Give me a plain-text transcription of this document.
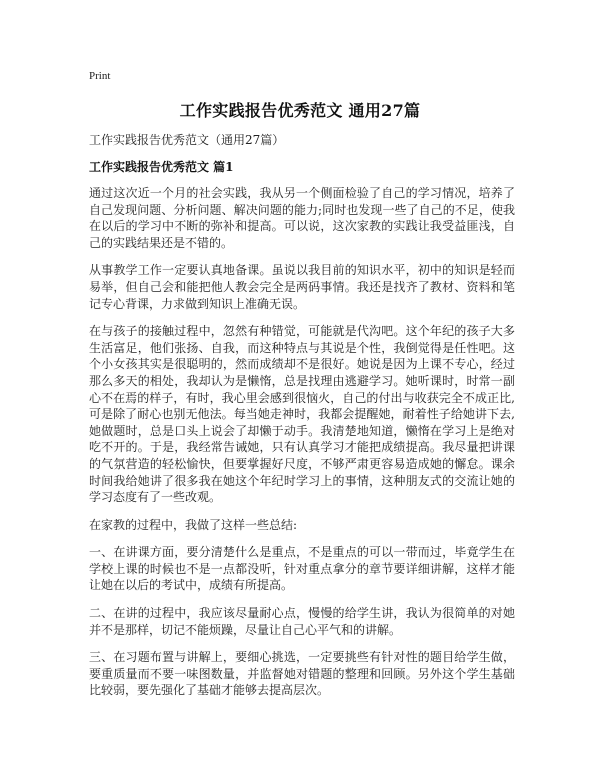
Print
工作实践报告优秀范文 通用27篇
工作实践报告优秀范文（通用27篇）
工作实践报告优秀范文 篇1

通过这次近一个月的社会实践，我从另一个侧面检验了自己的学习情况，培养了自己发现问题、分析问题、解决问题的能力;同时也发现一些了自己的不足，使我在以后的学习中不断的弥补和提高。可以说，这次家教的实践让我受益匪浅，自己的实践结果还是不错的。

从事教学工作一定要认真地备课。虽说以我目前的知识水平，初中的知识是轻而易举，但自己会和能把他人教会完全是两码事情。我还是找齐了教材、资料和笔记专心背课，力求做到知识上准确无误。

在与孩子的接触过程中，忽然有种错觉，可能就是代沟吧。这个年纪的孩子大多生活富足，他们张扬、自我，而这种特点与其说是个性，我倒觉得是任性吧。这个小女孩其实是很聪明的，然而成绩却不是很好。她说是因为上课不专心，经过那么多天的相处，我却认为是懒惰，总是找理由逃避学习。她听课时，时常一副心不在焉的样子，有时，我心里会感到很恼火，自己的付出与收获完全不成正比,可是除了耐心也别无他法。每当她走神时，我都会提醒她，耐着性子给她讲下去,她做题时，总是口头上说会了却懒于动手。我清楚地知道，懒惰在学习上是绝对吃不开的。于是，我经常告诫她，只有认真学习才能把成绩提高。我尽量把讲课的气氛营造的轻松愉快，但要掌握好尺度，不够严肃更容易造成她的懈怠。课余时间我给她讲了很多我在她这个年纪时学习上的事情，这种朋友式的交流让她的学习态度有了一些改观。

在家教的过程中，我做了这样一些总结:

一、在讲课方面，要分清楚什么是重点，不是重点的可以一带而过，毕竟学生在学校上课的时候也不是一点都没听，针对重点拿分的章节要详细讲解，这样才能让她在以后的考试中，成绩有所提高。

二、在讲的过程中，我应该尽量耐心点，慢慢的给学生讲，我认为很简单的对她并不是那样，切记不能烦躁，尽量让自己心平气和的讲解。

三、在习题布置与讲解上，要细心挑选，一定要挑些有针对性的题目给学生做，要重质量而不要一味图数量，并监督她对错题的整理和回顾。另外这个学生基础比较弱，要先强化了基础才能够去提高层次。
